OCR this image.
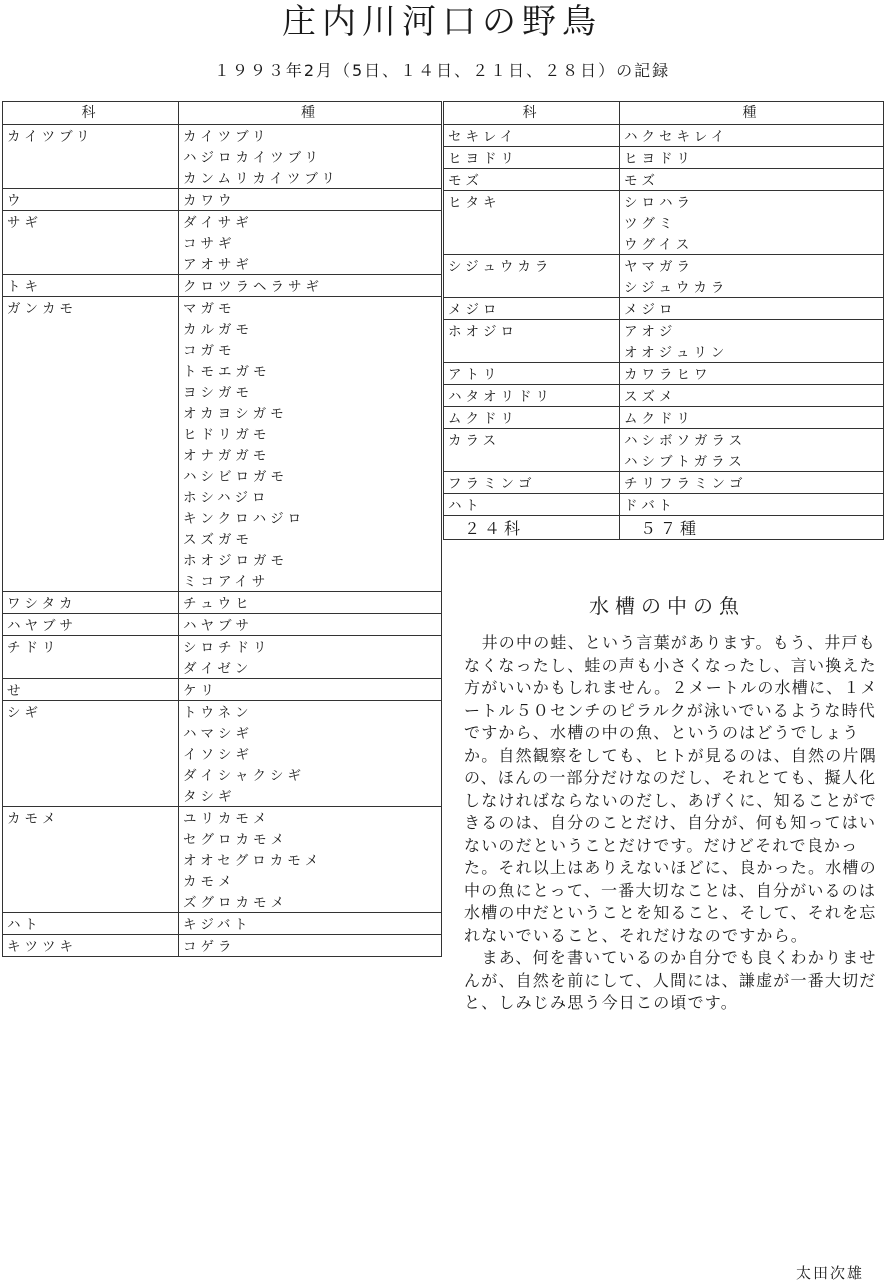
庄内川河口の野鳥
１９９３年2月（5日、１４日、２１日、２８日）の記録
科	種
カイツブリ	カイツブリ
	ハジロカイツブリ
	カンムリカイツブリ
ウ	カワウ
サギ	ダイサギ
	コサギ
	アオサギ
トキ	クロツラヘラサギ
ガンカモ	マガモ
	カルガモ
	コガモ
	トモエガモ
	ヨシガモ
	オカヨシガモ
	ヒドリガモ
	オナガガモ
	ハシビロガモ
	ホシハジロ
	キンクロハジロ
	スズガモ
	ホオジロガモ
	ミコアイサ
ワシタカ	チュウヒ
ハヤブサ	ハヤブサ
チドリ	シロチドリ
	ダイゼン
せ	ケリ
シギ	トウネン
	ハマシギ
	イソシギ
	ダイシャクシギ
	タシギ
カモメ	ユリカモメ
	セグロカモメ
	オオセグロカモメ
	カモメ
	ズグロカモメ
ハト	キジバト
キツツキ	コゲラ
科	種
セキレイ	ハクセキレイ
ヒヨドリ	ヒヨドリ
モズ	モズ
ヒタキ	シロハラ
	ツグミ
	ウグイス
シジュウカラ	ヤマガラ
	シジュウカラ
メジロ	メジロ
ホオジロ	アオジ
	オオジュリン
アトリ	カワラヒワ
ハタオリドリ	スズメ
ムクドリ	ムクドリ
カラス	ハシボソガラス
	ハシブトガラス
フラミンゴ	チリフラミンゴ
ハト	ドバト
２４科	５７種
水槽の中の魚

井の中の蛙、という言葉があります。もう、井戸もなくなったし、蛙の声も小さくなったし、言い換えた方がいいかもしれません。２メートルの水槽に、１メートル５０センチのピラルクが泳いでいるような時代ですから、水槽の中の魚、というのはどうでしょうか。自然観察をしても、ヒトが見るのは、自然の片隅の、ほんの一部分だけなのだし、それとても、擬人化しなければならないのだし、あげくに、知ることができるのは、自分のことだけ、自分が、何も知ってはいないのだということだけです。だけどそれで良かった。それ以上はありえないほどに、良かった。水槽の中の魚にとって、一番大切なことは、自分がいるのは水槽の中だということを知ること、そして、それを忘れないでいること、それだけなのですから。

まあ、何を書いているのか自分でも良くわかりませんが、自然を前にして、人間には、謙虚が一番大切だと、しみじみ思う今日この頃です。

太田次雄
